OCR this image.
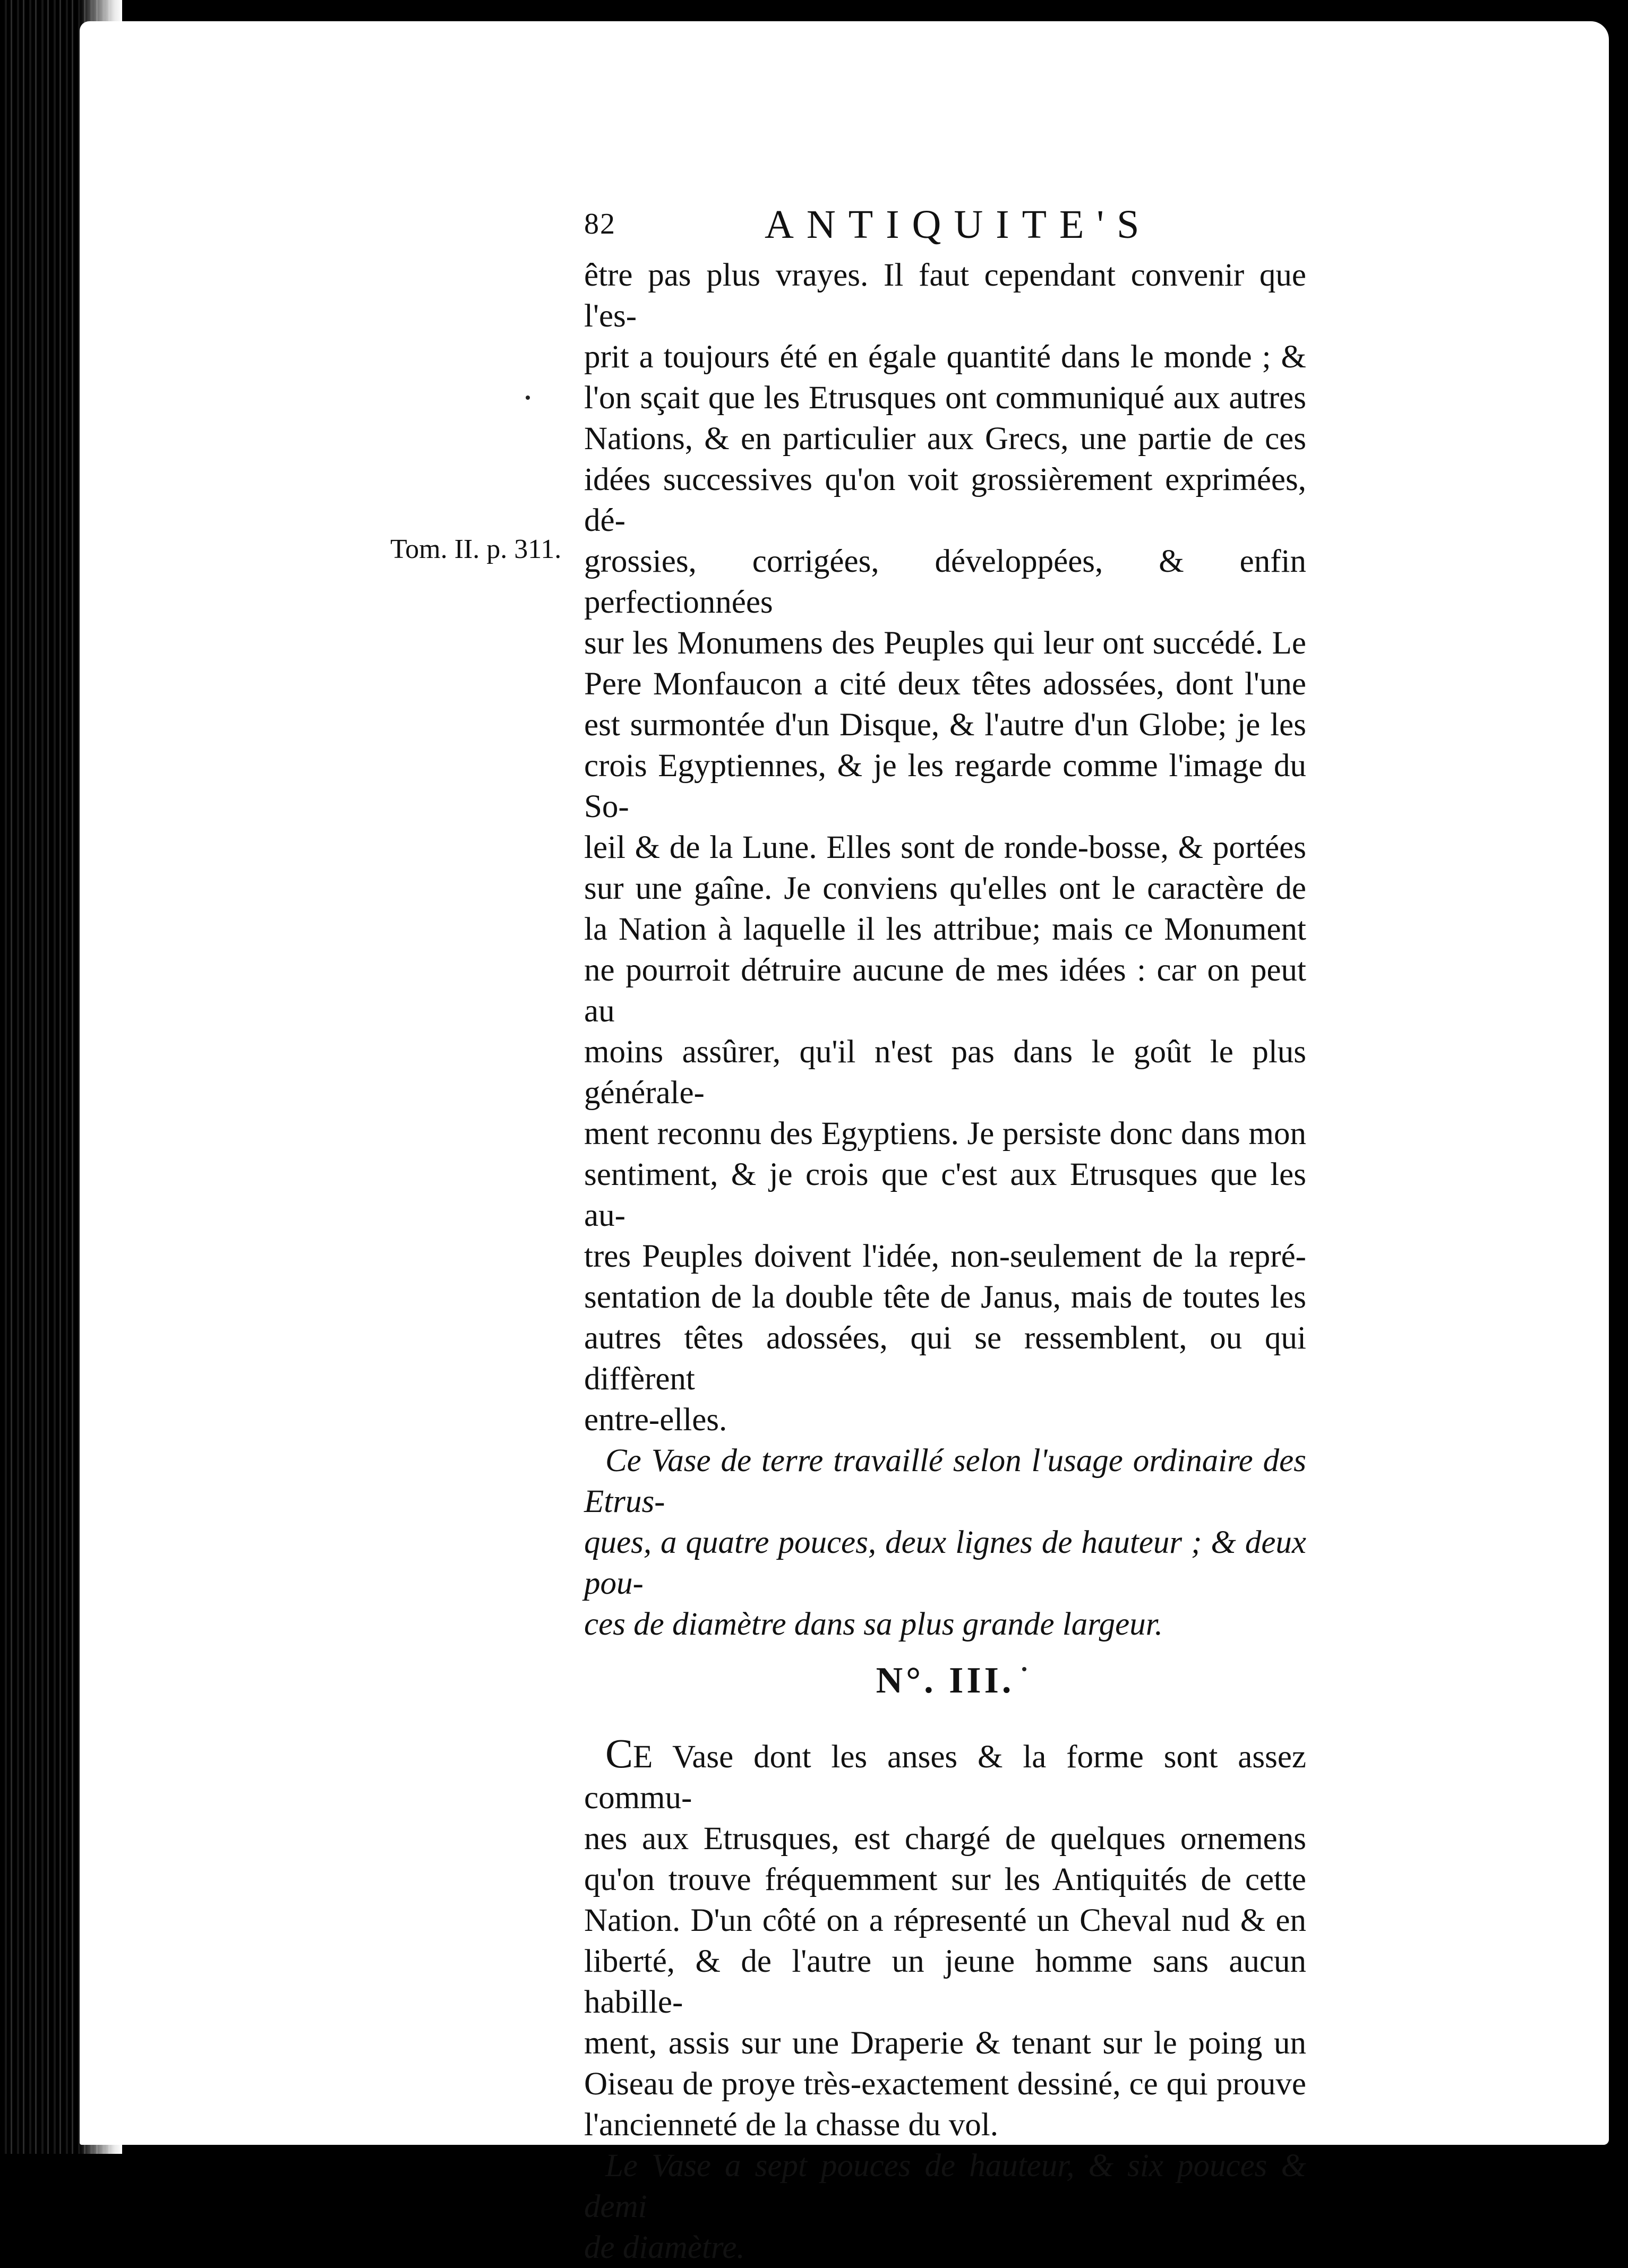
Tom. II. p. 311.
82	ANTIQUITE'S

être pas plus vrayes. Il faut cependant convenir que l'es-

prit a toujours été en égale quantité dans le monde ; &

l'on sçait que les Etrusques ont communiqué aux autres

Nations, & en particulier aux Grecs, une partie de ces

idées successives qu'on voit grossièrement exprimées, dé-

grossies, corrigées, développées, & enfin perfectionnées

sur les Monumens des Peuples qui leur ont succédé. Le

Pere Monfaucon a cité deux têtes adossées, dont l'une

est surmontée d'un Disque, & l'autre d'un Globe; je les

crois Egyptiennes, & je les regarde comme l'image du So-

leil & de la Lune. Elles sont de ronde-bosse, & portées

sur une gaîne. Je conviens qu'elles ont le caractère de

la Nation à laquelle il les attribue; mais ce Monument

ne pourroit détruire aucune de mes idées : car on peut au

moins assûrer, qu'il n'est pas dans le goût le plus générale-

ment reconnu des Egyptiens. Je persiste donc dans mon

sentiment, & je crois que c'est aux Etrusques que les au-

tres Peuples doivent l'idée, non-seulement de la repré-

sentation de la double tête de Janus, mais de toutes les

autres têtes adossées, qui se ressemblent, ou qui diffèrent

entre-elles.

Ce Vase de terre travaillé selon l'usage ordinaire des Etrus-

ques, a quatre pouces, deux lignes de hauteur ; & deux pou-

ces de diamètre dans sa plus grande largeur.

N°. III.

CE Vase dont les anses & la forme sont assez commu-

nes aux Etrusques, est chargé de quelques ornemens

qu'on trouve fréquemment sur les Antiquités de cette

Nation. D'un côté on a répresenté un Cheval nud & en

liberté, & de l'autre un jeune homme sans aucun habille-

ment, assis sur une Draperie & tenant sur le poing un

Oiseau de proye très-exactement dessiné, ce qui prouve

l'ancienneté de la chasse du vol.

Le Vase a sept pouces de hauteur, & six pouces & demi

de diamètre.
